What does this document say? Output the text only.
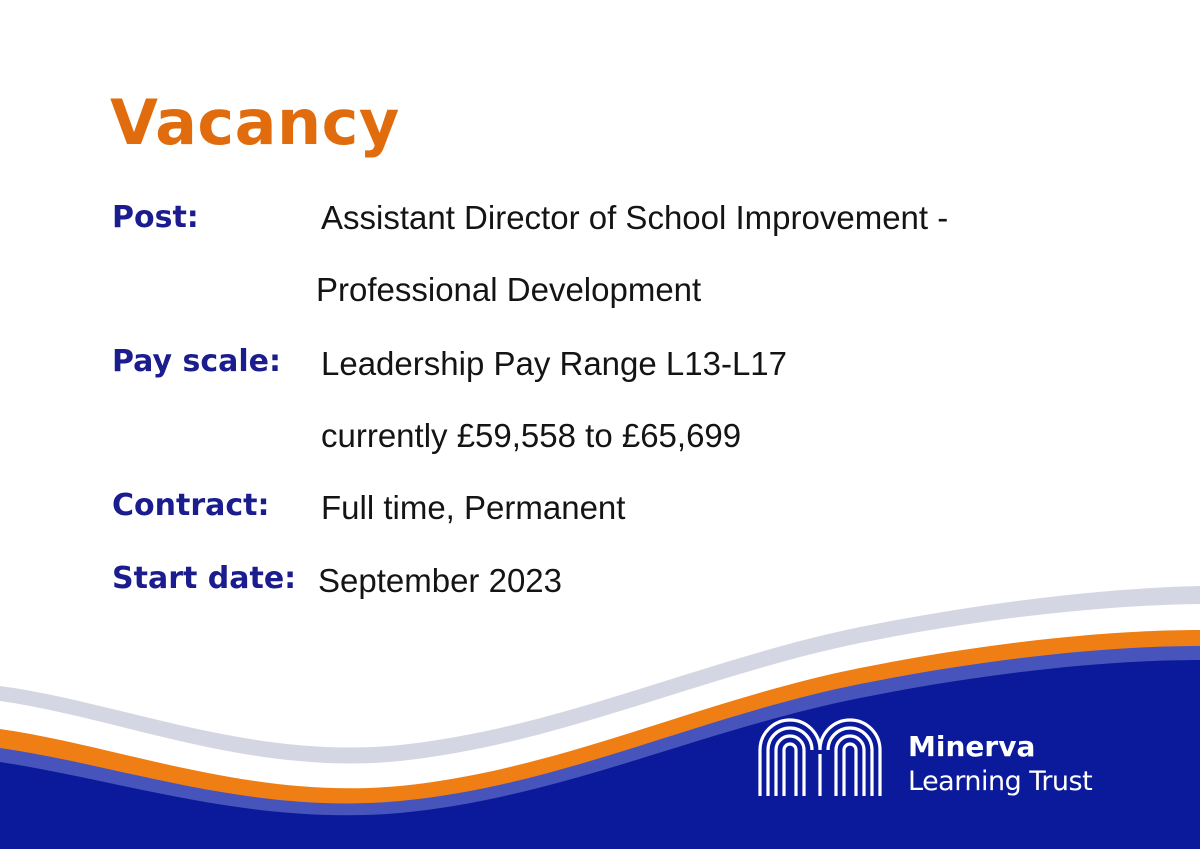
Vacancy
Post:	Assistant Director of School Improvement -
Professional Development
Pay scale: Leadership Pay Range L13-L17
currently £59,558 to £65,699
Contract: Full time, Permanent
Start date: September 2023
Minerva
Learning Trust
